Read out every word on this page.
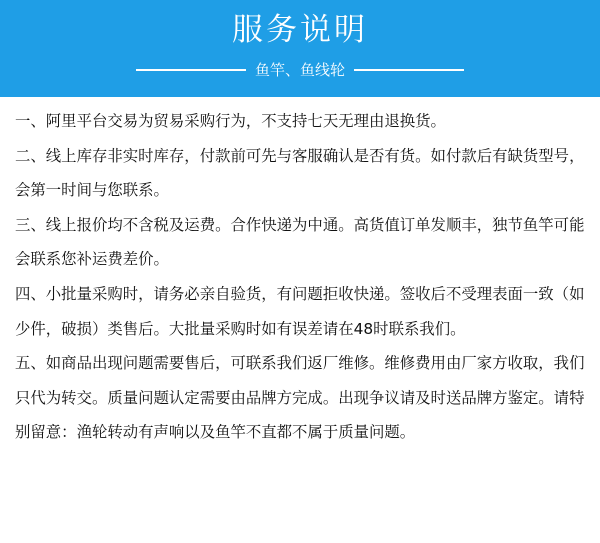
服务说明
鱼竿、鱼线轮

一、阿里平台交易为贸易采购行为，不支持七天无理由退换货。

二、线上库存非实时库存，付款前可先与客服确认是否有货。如付款后有缺货型号，会第一时间与您联系。

三、线上报价均不含税及运费。合作快递为中通。高货值订单发顺丰，独节鱼竿可能会联系您补运费差价。

四、小批量采购时，请务必亲自验货，有问题拒收快递。签收后不受理表面一致（如少件，破损）类售后。大批量采购时如有误差请在48时联系我们。

五、如商品出现问题需要售后，可联系我们返厂维修。维修费用由厂家方收取，我们只代为转交。质量问题认定需要由品牌方完成。出现争议请及时送品牌方鉴定。请特别留意：渔轮转动有声响以及鱼竿不直都不属于质量问题。
